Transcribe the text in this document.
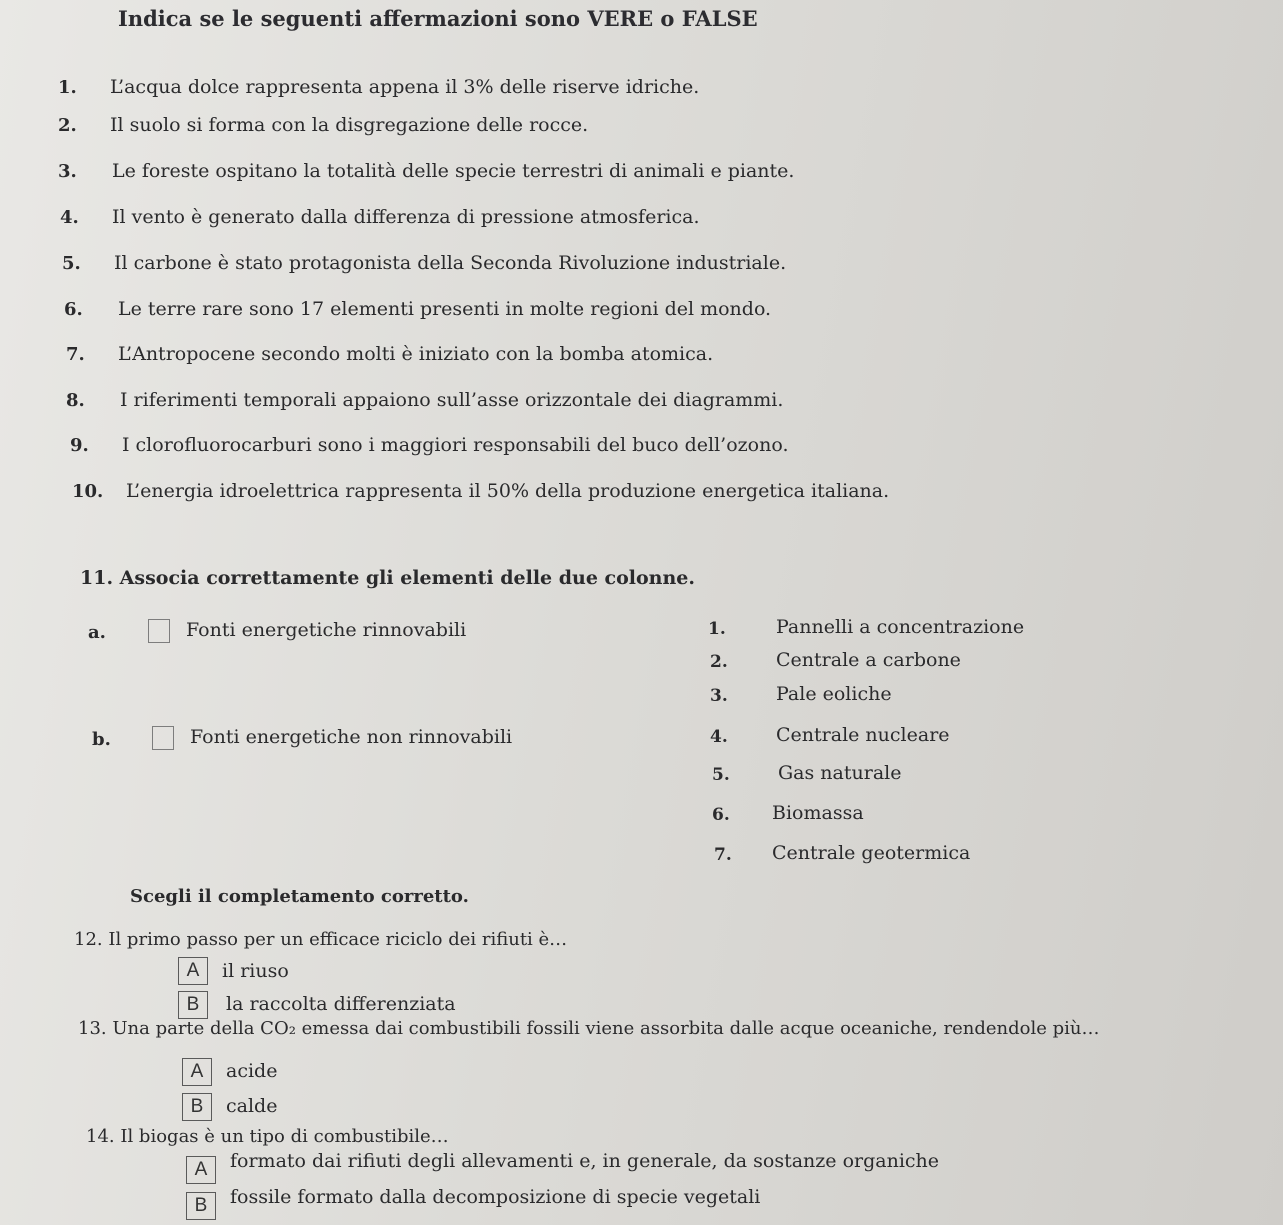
Indica se le seguenti affermazioni sono VERE o FALSE
1. L’acqua dolce rappresenta appena il 3% delle riserve idriche.
2. Il suolo si forma con la disgregazione delle rocce.
3. Le foreste ospitano la totalità delle specie terrestri di animali e piante.
4. Il vento è generato dalla differenza di pressione atmosferica.
5. Il carbone è stato protagonista della Seconda Rivoluzione industriale.
6. Le terre rare sono 17 elementi presenti in molte regioni del mondo.
7. L’Antropocene secondo molti è iniziato con la bomba atomica.
8. I riferimenti temporali appaiono sull’asse orizzontale dei diagrammi.
9. I clorofluorocarburi sono i maggiori responsabili del buco dell’ozono.
10. L’energia idroelettrica rappresenta il 50% della produzione energetica italiana.
11. Associa correttamente gli elementi delle due colonne.
a.	Fonti energetiche rinnovabili
b.	Fonti energetiche non rinnovabili
1.	Pannelli a concentrazione
2.	Centrale a carbone
3.	Pale eoliche
4.	Centrale nucleare
5.	Gas naturale
6. Biomassa
7. Centrale geotermica
Scegli il completamento corretto.
12. Il primo passo per un efficace riciclo dei rifiuti è…
A	il riuso
B	la raccolta differenziata
13. Una parte della CO₂ emessa dai combustibili fossili viene assorbita dalle acque oceaniche, rendendole più…
A	acide
B	calde
14. Il biogas è un tipo di combustibile…
A	formato dai rifiuti degli allevamenti e, in generale, da sostanze organiche
B	fossile formato dalla decomposizione di specie vegetali
